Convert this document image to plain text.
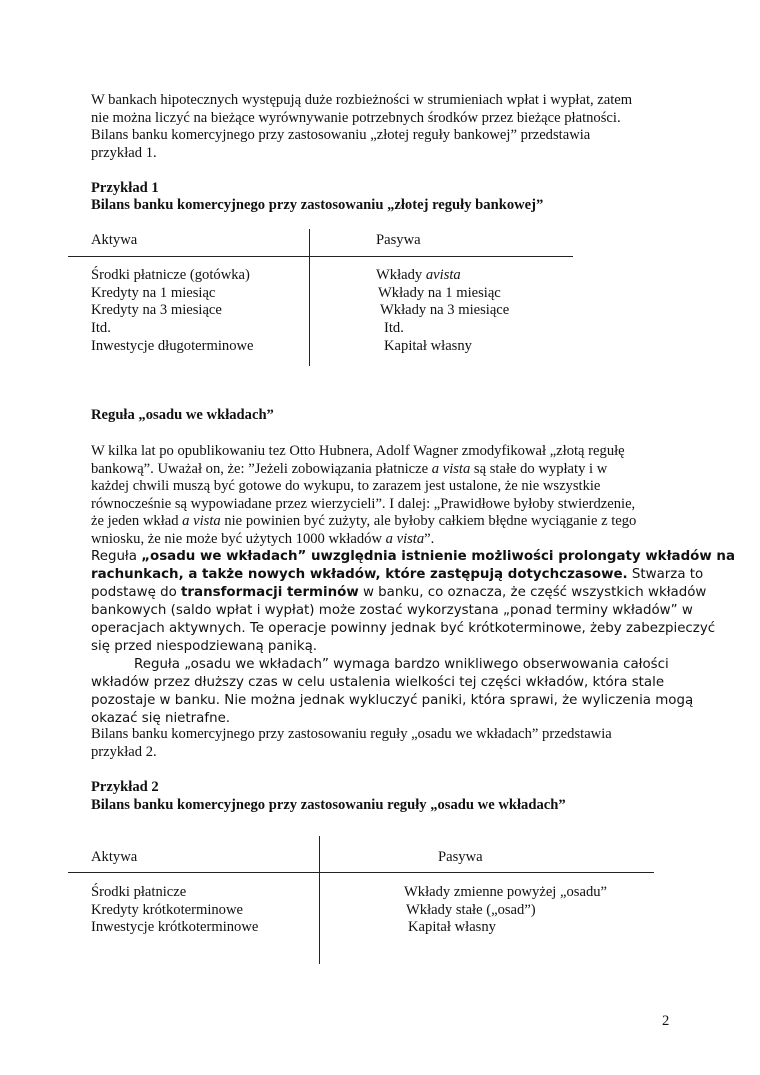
W bankach hipotecznych występują duże rozbieżności w strumieniach wpłat i wypłat, zatem
nie można liczyć na bieżące wyrównywanie potrzebnych środków przez bieżące płatności.
Bilans banku komercyjnego przy zastosowaniu „złotej reguły bankowej” przedstawia
przykład 1.
Przykład 1
Bilans banku komercyjnego przy zastosowaniu „złotej reguły bankowej”
Aktywa	Pasywa
Środki płatnicze (gotówka)
Kredyty na 1 miesiąc
Kredyty na 3 miesiące
Itd.
Inwestycje długoterminowe
Wkłady avista
Wkłady na 1 miesiąc
Wkłady na 3 miesiące
Itd.
Kapitał własny
Reguła „osadu we wkładach”
W kilka lat po opublikowaniu tez Otto Hubnera, Adolf Wagner zmodyfikował „złotą regułę
bankową”. Uważał on, że: ”Jeżeli zobowiązania płatnicze a vista są stałe do wypłaty i w
każdej chwili muszą być gotowe do wykupu, to zarazem jest ustalone, że nie wszystkie
równocześnie są wypowiadane przez wierzycieli”. I dalej: „Prawidłowe byłoby stwierdzenie,
że jeden wkład a vista nie powinien być zużyty, ale byłoby całkiem błędne wyciąganie z tego
wniosku, że nie może być użytych 1000 wkładów a vista”.
Reguła „osadu we wkładach” uwzględnia istnienie możliwości prolongaty wkładów na
rachunkach, a także nowych wkładów, które zastępują dotychczasowe. Stwarza to
podstawę do transformacji terminów w banku, co oznacza, że część wszystkich wkładów
bankowych (saldo wpłat i wypłat) może zostać wykorzystana „ponad terminy wkładów” w
operacjach aktywnych. Te operacje powinny jednak być krótkoterminowe, żeby zabezpieczyć
się przed niespodziewaną paniką.
Reguła „osadu we wkładach” wymaga bardzo wnikliwego obserwowania całości
wkładów przez dłuższy czas w celu ustalenia wielkości tej części wkładów, która stale
pozostaje w banku. Nie można jednak wykluczyć paniki, która sprawi, że wyliczenia mogą
okazać się nietrafne.
Bilans banku komercyjnego przy zastosowaniu reguły „osadu we wkładach” przedstawia
przykład 2.
Przykład 2
Bilans banku komercyjnego przy zastosowaniu reguły „osadu we wkładach”
Aktywa	Pasywa
Środki płatnicze
Kredyty krótkoterminowe
Inwestycje krótkoterminowe
Wkłady zmienne powyżej „osadu”
Wkłady stałe („osad”)
Kapitał własny
2
